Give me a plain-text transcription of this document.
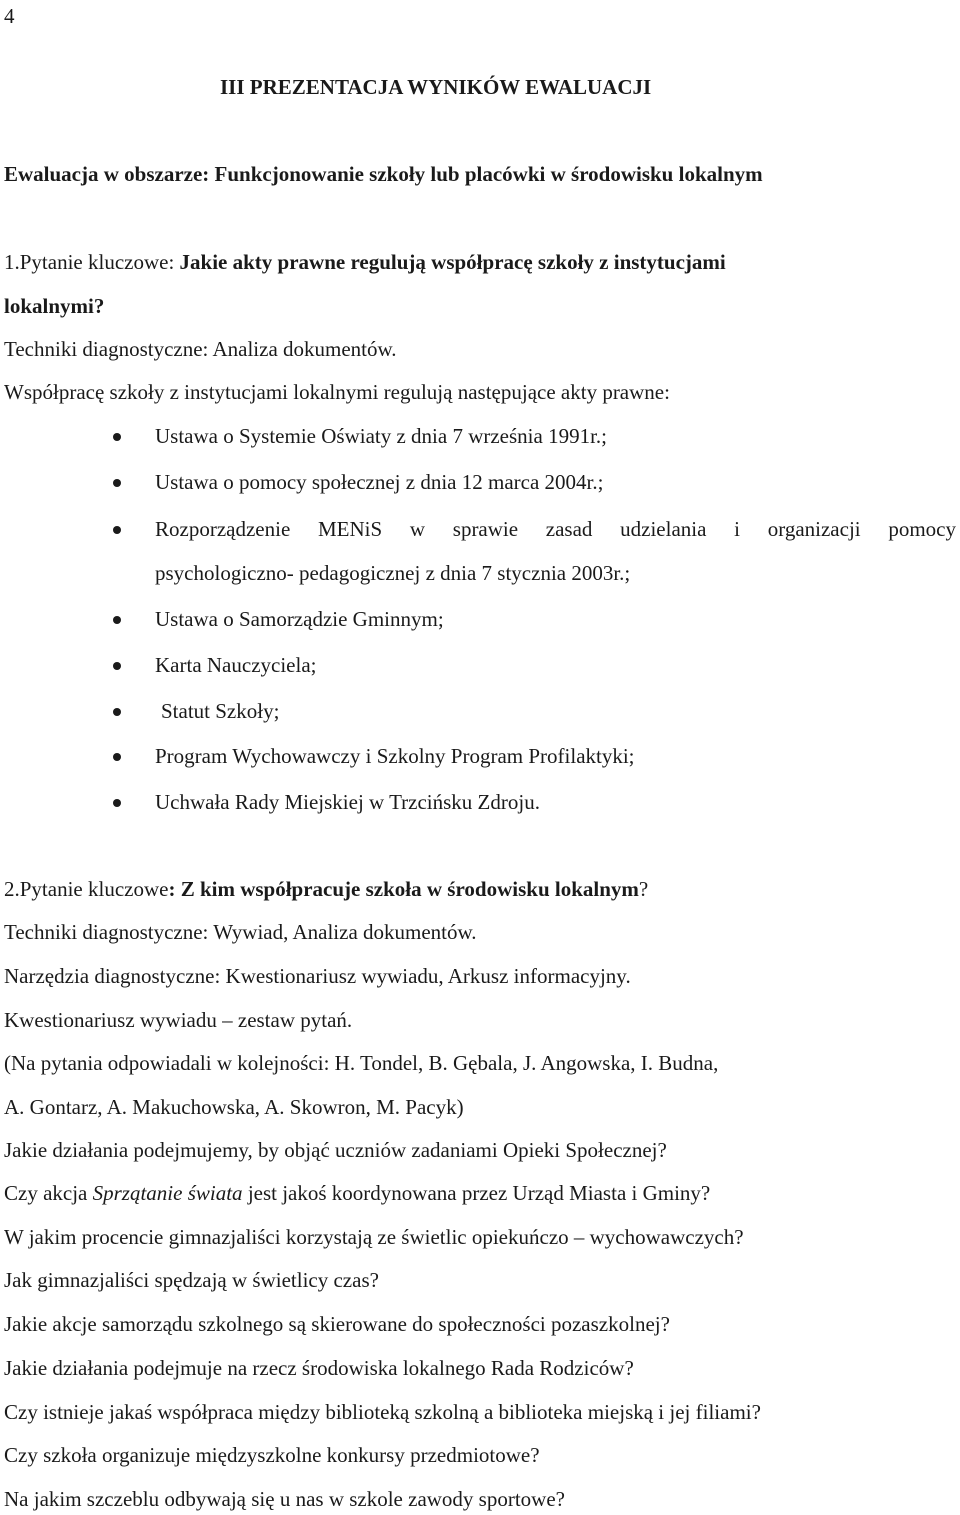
4
III PREZENTACJA WYNIKÓW EWALUACJI
Ewaluacja w obszarze: Funkcjonowanie szkoły lub placówki w środowisku lokalnym
1.Pytanie kluczowe: Jakie akty prawne regulują współpracę szkoły z instytucjami
lokalnymi?
Techniki diagnostyczne: Analiza dokumentów.
Współpracę szkoły z instytucjami lokalnymi regulują następujące akty prawne:
Ustawa o Systemie Oświaty z dnia 7 września 1991r.;
Ustawa o pomocy społecznej z dnia 12 marca 2004r.;
Rozporządzenie MENiS w sprawie zasad udzielania i organizacji pomocy
psychologiczno- pedagogicznej z dnia 7 stycznia 2003r.;
Ustawa o Samorządzie Gminnym;
Karta Nauczyciela;
Statut Szkoły;
Program Wychowawczy i Szkolny Program Profilaktyki;
Uchwała Rady Miejskiej w Trzcińsku Zdroju.
2.Pytanie kluczowe: Z kim współpracuje szkoła w środowisku lokalnym?
Techniki diagnostyczne: Wywiad, Analiza dokumentów.
Narzędzia diagnostyczne: Kwestionariusz wywiadu, Arkusz informacyjny.
Kwestionariusz wywiadu – zestaw pytań.
(Na pytania odpowiadali w kolejności: H. Tondel, B. Gębala, J. Angowska, I. Budna,
A. Gontarz, A. Makuchowska, A. Skowron, M. Pacyk)
Jakie działania podejmujemy, by objąć uczniów zadaniami Opieki Społecznej?
Czy akcja Sprzątanie świata jest jakoś koordynowana przez Urząd Miasta i Gminy?
W jakim procencie gimnazjaliści korzystają ze świetlic opiekuńczo – wychowawczych?
Jak gimnazjaliści spędzają w świetlicy czas?
Jakie akcje samorządu szkolnego są skierowane do społeczności pozaszkolnej?
Jakie działania podejmuje na rzecz środowiska lokalnego Rada Rodziców?
Czy istnieje jakaś współpraca między biblioteką szkolną a biblioteka miejską i jej filiami?
Czy szkoła organizuje międzyszkolne konkursy przedmiotowe?
Na jakim szczeblu odbywają się u nas w szkole zawody sportowe?
